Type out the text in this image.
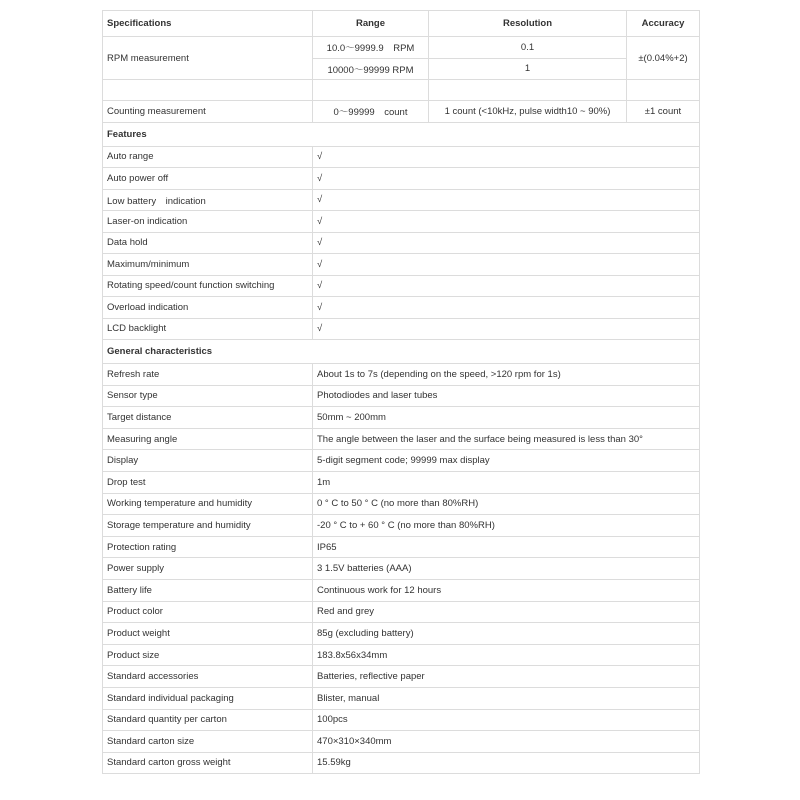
Specifications	Range	Resolution	Accuracy
RPM measurement	10.0～9999.9　RPM	0.1	±(0.04%+2)
	10000～99999 RPM	1	

Counting measurement	0～99999　count	1 count (<10kHz, pulse width10 ~ 90%)	±1 count
Features			
Auto range	√		
Auto power off	√		
Low battery　indication	√		
Laser-on indication	√		
Data hold	√		
Maximum/minimum	√		
Rotating speed/count function switching	√		
Overload indication	√		
LCD backlight	√		
General characteristics			
Refresh rate	About 1s to 7s (depending on the speed, >120 rpm for 1s)		
Sensor type	Photodiodes and laser tubes		
Target distance	50mm ~ 200mm		
Measuring angle	The angle between the laser and the surface being measured is less than 30°		
Display	5-digit segment code; 99999 max display		
Drop test	1m		
Working temperature and humidity	0 ° C to 50 ° C (no more than 80%RH)		
Storage temperature and humidity	-20 ° C to + 60 ° C (no more than 80%RH)		
Protection rating	IP65		
Power supply	3 1.5V batteries (AAA)		
Battery life	Continuous work for 12 hours		
Product color	Red and grey		
Product weight	85g (excluding battery)		
Product size	183.8x56x34mm		
Standard accessories	Batteries, reflective paper		
Standard individual packaging	Blister, manual		
Standard quantity per carton	100pcs		
Standard carton size	470×310×340mm		
Standard carton gross weight	15.59kg		
